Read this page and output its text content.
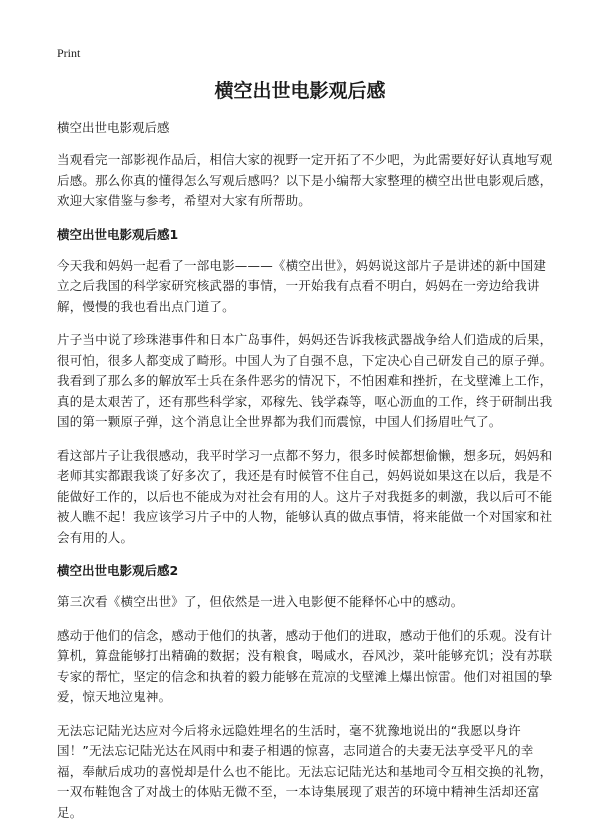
Print
横空出世电影观后感

横空出世电影观后感

当观看完一部影视作品后，相信大家的视野一定开拓了不少吧，为此需要好好认真地写观后感。那么你真的懂得怎么写观后感吗？以下是小编帮大家整理的横空出世电影观后感，欢迎大家借鉴与参考，希望对大家有所帮助。

横空出世电影观后感1

今天我和妈妈一起看了一部电影———《横空出世》，妈妈说这部片子是讲述的新中国建立之后我国的科学家研究核武器的事情，一开始我有点看不明白，妈妈在一旁边给我讲解，慢慢的我也看出点门道了。

片子当中说了珍珠港事件和日本广岛事件，妈妈还告诉我核武器战争给人们造成的后果，很可怕，很多人都变成了畸形。中国人为了自强不息，下定决心自己研发自己的原子弹。我看到了那么多的解放军士兵在条件恶劣的情况下，不怕困难和挫折，在戈壁滩上工作，真的是太艰苦了，还有那些科学家，邓稼先、钱学森等，呕心沥血的工作，终于研制出我国的第一颗原子弹，这个消息让全世界都为我们而震惊，中国人们扬眉吐气了。

看这部片子让我很感动，我平时学习一点都不努力，很多时候都想偷懒，想多玩，妈妈和老师其实都跟我谈了好多次了，我还是有时候管不住自己，妈妈说如果这在以后，我是不能做好工作的，以后也不能成为对社会有用的人。这片子对我挺多的刺激，我以后可不能被人瞧不起！我应该学习片子中的人物，能够认真的做点事情，将来能做一个对国家和社会有用的人。

横空出世电影观后感2

第三次看《横空出世》了，但依然是一进入电影便不能释怀心中的感动。

感动于他们的信念，感动于他们的执著，感动于他们的进取，感动于他们的乐观。没有计算机，算盘能够打出精确的数据；没有粮食，喝咸水，吞风沙，菜叶能够充饥；没有苏联专家的帮忙，坚定的信念和执着的毅力能够在荒凉的戈壁滩上爆出惊雷。他们对祖国的挚爱，惊天地泣鬼神。

无法忘记陆光达应对今后将永远隐姓埋名的生活时，毫不犹豫地说出的“我愿以身许国！”无法忘记陆光达在风雨中和妻子相遇的惊喜，志同道合的夫妻无法享受平凡的幸福，奉献后成功的喜悦却是什么也不能比。无法忘记陆光达和基地司令互相交换的礼物，一双布鞋饱含了对战士的体贴无微不至，一本诗集展现了艰苦的环境中精神生活却还富足。
